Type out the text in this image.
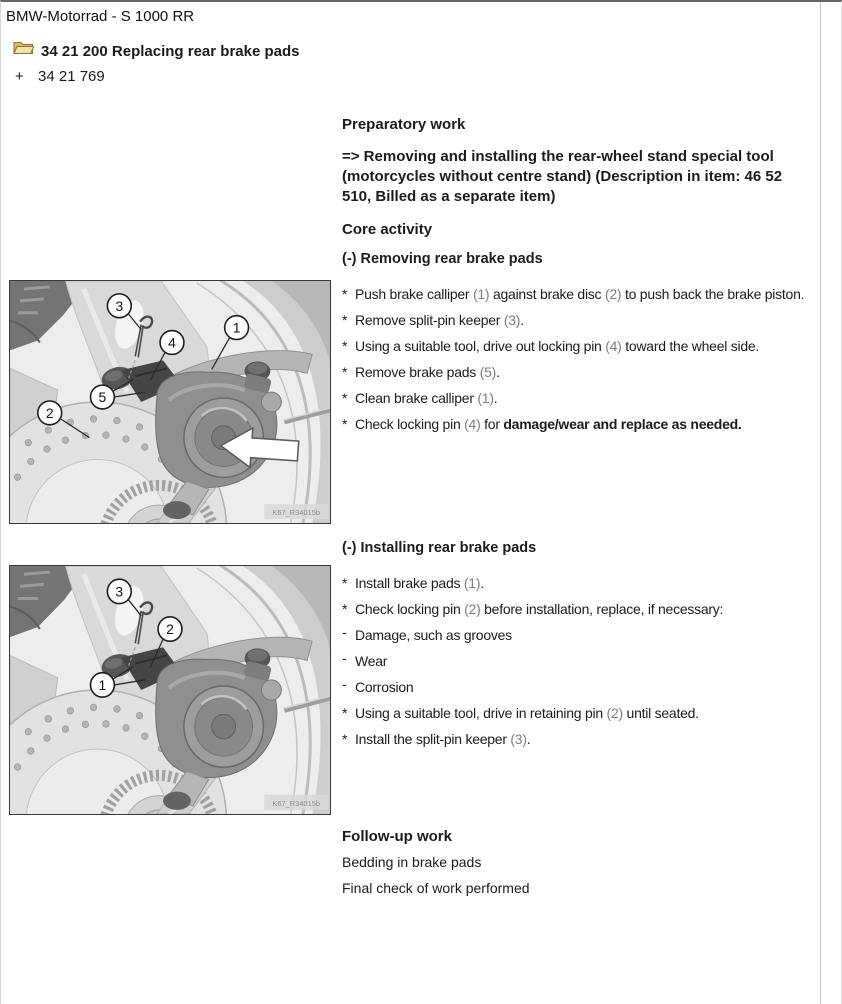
BMW-Motorrad - S 1000 RR
34 21 200 Replacing rear brake pads
+ 34 21 769
3
4
1
5
2
K67_R34015b
3
2
1
K67_R34015b
Preparatory work
=> Removing and installing the rear-wheel stand special tool (motorcycles without centre stand) (Description in item: 46 52 510, Billed as a separate item)
Core activity
(-) Removing rear brake pads
* Push brake calliper (1) against brake disc (2) to push back the brake piston.
* Remove split-pin keeper (3).
* Using a suitable tool, drive out locking pin (4) toward the wheel side.
* Remove brake pads (5).
* Clean brake calliper (1).
* Check locking pin (4) for damage/wear and replace as needed.
(-) Installing rear brake pads
* Install brake pads (1).
* Check locking pin (2) before installation, replace, if necessary:
- Damage, such as grooves
- Wear
- Corrosion
* Using a suitable tool, drive in retaining pin (2) until seated.
* Install the split-pin keeper (3).
Follow-up work
Bedding in brake pads
Final check of work performed
